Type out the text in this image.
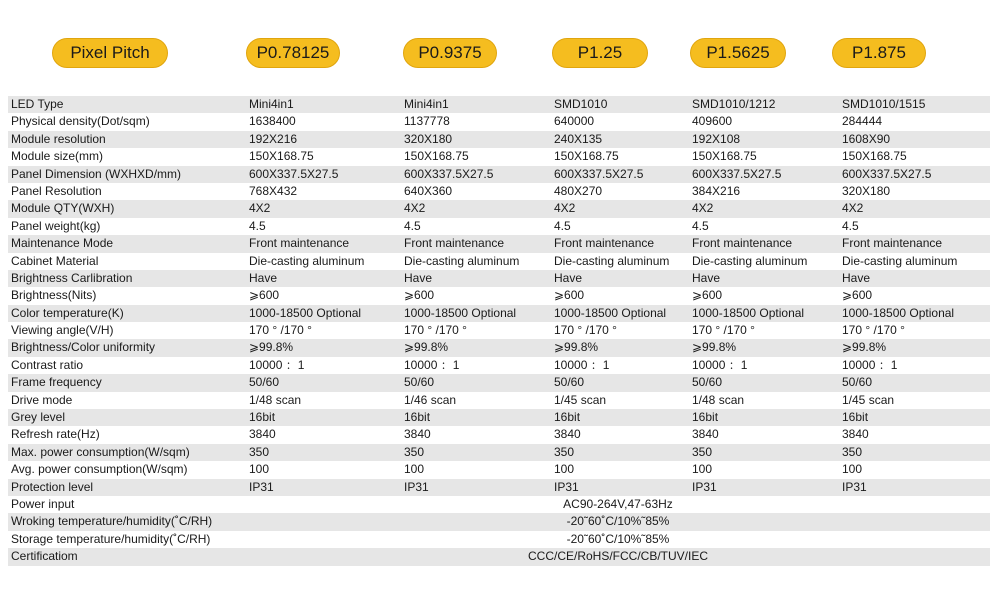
Pixel Pitch	P0.78125	P0.9375	P1.25	P1.5625	P1.875
LED Type	Mini4in1	Mini4in1	SMD1010	SMD1010/1212	SMD1010/1515
Physical density(Dot/sqm)	1638400	1137778	640000	409600	284444
Module resolution	192X216	320X180	240X135	192X108	1608X90
Module size(mm)	150X168.75	150X168.75	150X168.75	150X168.75	150X168.75
Panel Dimension (WXHXD/mm)	600X337.5X27.5	600X337.5X27.5	600X337.5X27.5	600X337.5X27.5	600X337.5X27.5
Panel Resolution	768X432	640X360	480X270	384X216	320X180
Module QTY(WXH)	4X2	4X2	4X2	4X2	4X2
Panel weight(kg)	4.5	4.5	4.5	4.5	4.5
Maintenance Mode	Front maintenance	Front maintenance	Front maintenance	Front maintenance	Front maintenance
Cabinet Material	Die-casting aluminum	Die-casting aluminum	Die-casting aluminum	Die-casting aluminum	Die-casting aluminum
Brightness Carlibration	Have	Have	Have	Have	Have
Brightness(Nits)	⩾600	⩾600	⩾600	⩾600	⩾600
Color temperature(K)	1000-18500 Optional	1000-18500 Optional	1000-18500 Optional	1000-18500 Optional	1000-18500 Optional
Viewing angle(V/H)	170 ° /170 °	170 ° /170 °	170 ° /170 °	170 ° /170 °	170 ° /170 °
Brightness/Color uniformity	⩾99.8%	⩾99.8%	⩾99.8%	⩾99.8%	⩾99.8%
Contrast ratio	10000 ：1	10000 ：1	10000 ：1	10000 ：1	10000 ：1
Frame frequency	50/60	50/60	50/60	50/60	50/60
Drive mode	1/48 scan	1/46 scan	1/45 scan	1/48 scan	1/45 scan
Grey level	16bit	16bit	16bit	16bit	16bit
Refresh rate(Hz)	3840	3840	3840	3840	3840
Max. power consumption(W/sqm)	350	350	350	350	350
Avg. power consumption(W/sqm)	100	100	100	100	100
Protection level	IP31	IP31	IP31	IP31	IP31
Power input	AC90-264V,47-63Hz
Wroking temperature/humidity(˚C/RH)	-20˜60˚C/10%˜85%
Storage temperature/humidity(˚C/RH)	-20˜60˚C/10%˜85%
Certificatiom	CCC/CE/RoHS/FCC/CB/TUV/IEC
